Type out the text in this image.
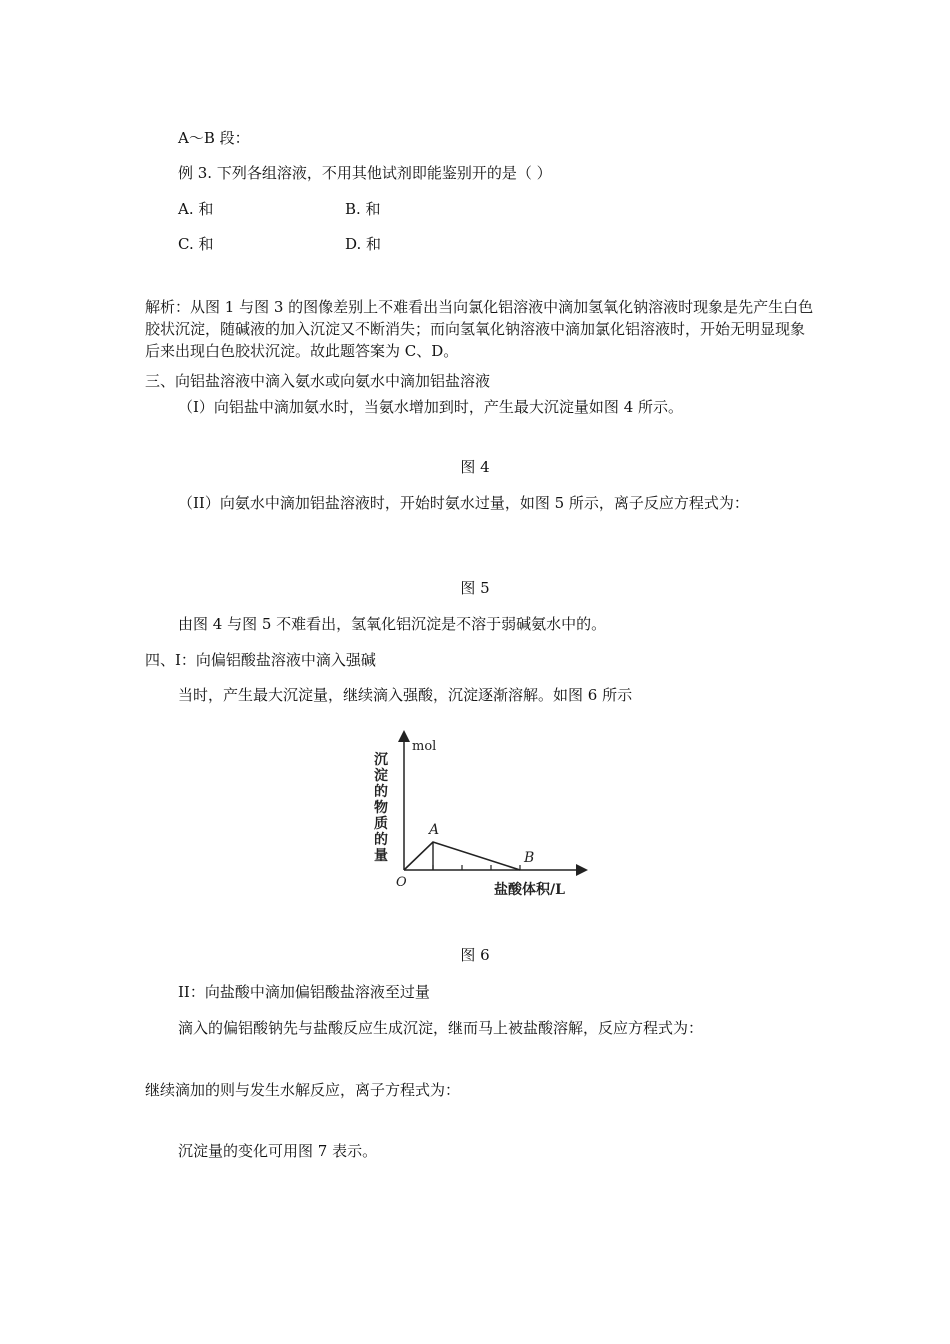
A～B 段：
例 3. 下列各组溶液，不用其他试剂即能鉴别开的是（ ）
A. 和	B. 和
C. 和	D. 和
解析：从图 1 与图 3 的图像差别上不难看出当向氯化铝溶液中滴加氢氧化钠溶液时现象是先产生白色胶状沉淀，随碱液的加入沉淀又不断消失；而向氢氧化钠溶液中滴加氯化铝溶液时，开始无明显现象后来出现白色胶状沉淀。故此题答案为 C、D。
三、向铝盐溶液中滴入氨水或向氨水中滴加铝盐溶液
（I）向铝盐中滴加氨水时，当氨水增加到时，产生最大沉淀量如图 4 所示。
图 4
（II）向氨水中滴加铝盐溶液时，开始时氨水过量，如图 5 所示，离子反应方程式为：
图 5
由图 4 与图 5 不难看出，氢氧化铝沉淀是不溶于弱碱氨水中的。
四、I：向偏铝酸盐溶液中滴入强碱
当时，产生最大沉淀量，继续滴入强酸，沉淀逐渐溶解。如图 6 所示
mol
沉
淀
的
物
质
的
量
O	盐酸体积/L
A
B
图 6
II：向盐酸中滴加偏铝酸盐溶液至过量
滴入的偏铝酸钠先与盐酸反应生成沉淀，继而马上被盐酸溶解，反应方程式为：
继续滴加的则与发生水解反应，离子方程式为：
沉淀量的变化可用图 7 表示。
